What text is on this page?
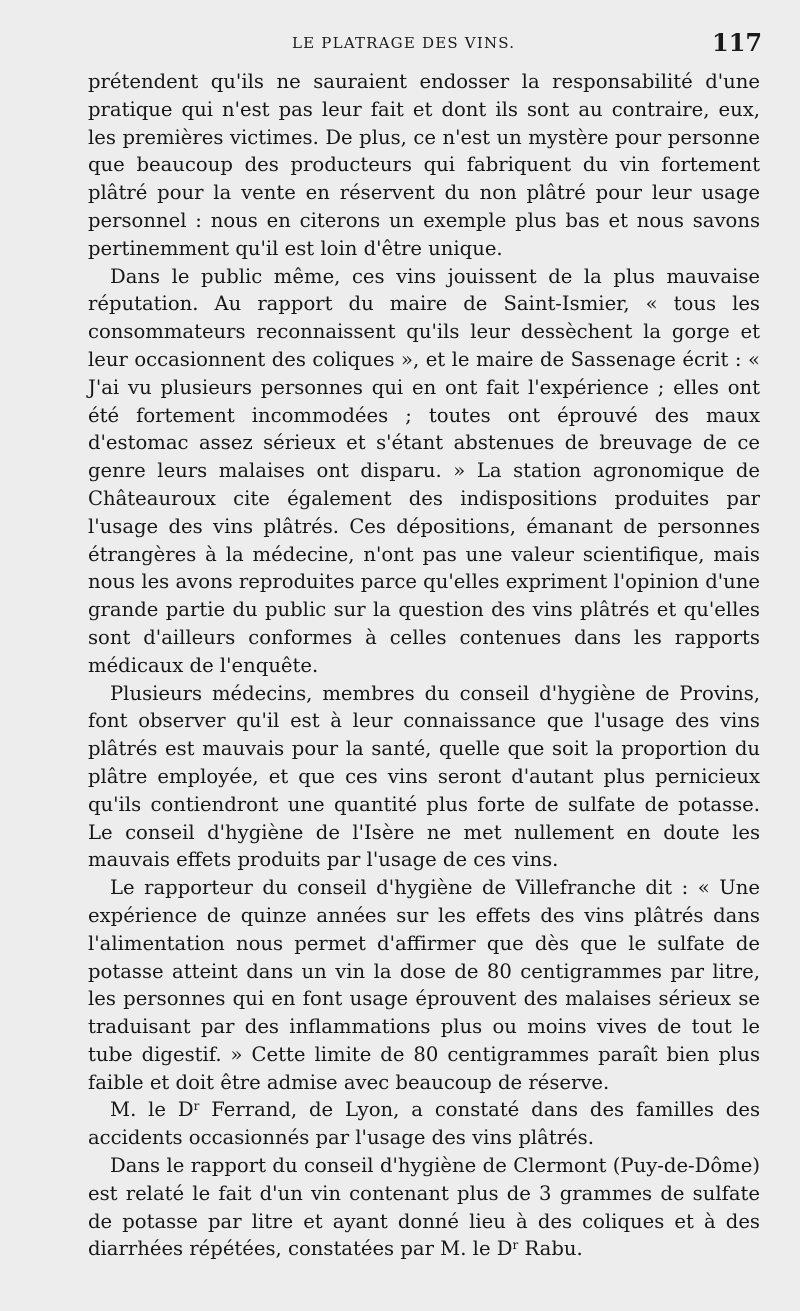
LE PLATRAGE DES VINS.	117

prétendent qu'ils ne sauraient endosser la responsabilité d'une pratique qui n'est pas leur fait et dont ils sont au contraire, eux, les premières victimes. De plus, ce n'est un mystère pour personne que beaucoup des producteurs qui fabriquent du vin fortement plâtré pour la vente en réservent du non plâtré pour leur usage personnel : nous en citerons un exemple plus bas et nous savons pertinemment qu'il est loin d'être unique.

Dans le public même, ces vins jouissent de la plus mauvaise réputation. Au rapport du maire de Saint-Ismier, « tous les consommateurs reconnaissent qu'ils leur dessèchent la gorge et leur occasionnent des coliques », et le maire de Sassenage écrit : « J'ai vu plusieurs personnes qui en ont fait l'expérience ; elles ont été fortement incommodées ; toutes ont éprouvé des maux d'estomac assez sérieux et s'étant abstenues de breuvage de ce genre leurs malaises ont disparu. » La station agronomique de Châteauroux cite également des indispositions produites par l'usage des vins plâtrés. Ces dépositions, émanant de personnes étrangères à la médecine, n'ont pas une valeur scientifique, mais nous les avons reproduites parce qu'elles expriment l'opinion d'une grande partie du public sur la question des vins plâtrés et qu'elles sont d'ailleurs conformes à celles contenues dans les rapports médicaux de l'enquête.

Plusieurs médecins, membres du conseil d'hygiène de Provins, font observer qu'il est à leur connaissance que l'usage des vins plâtrés est mauvais pour la santé, quelle que soit la proportion du plâtre employée, et que ces vins seront d'autant plus pernicieux qu'ils contiendront une quantité plus forte de sulfate de potasse. Le conseil d'hygiène de l'Isère ne met nullement en doute les mauvais effets produits par l'usage de ces vins.

Le rapporteur du conseil d'hygiène de Villefranche dit : « Une expérience de quinze années sur les effets des vins plâtrés dans l'alimentation nous permet d'affirmer que dès que le sulfate de potasse atteint dans un vin la dose de 80 centigrammes par litre, les personnes qui en font usage éprouvent des malaises sérieux se traduisant par des inflammations plus ou moins vives de tout le tube digestif. » Cette limite de 80 centigrammes paraît bien plus faible et doit être admise avec beaucoup de réserve.

M. le $D^r$ Ferrand, de Lyon, a constaté dans des familles des accidents occasionnés par l'usage des vins plâtrés.

Dans le rapport du conseil d'hygiène de Clermont (Puy-de-Dôme) est relaté le fait d'un vin contenant plus de 3 grammes de sulfate de potasse par litre et ayant donné lieu à des coliques et à des diarrhées répétées, constatées par M. le $D^r$ Rabu.
